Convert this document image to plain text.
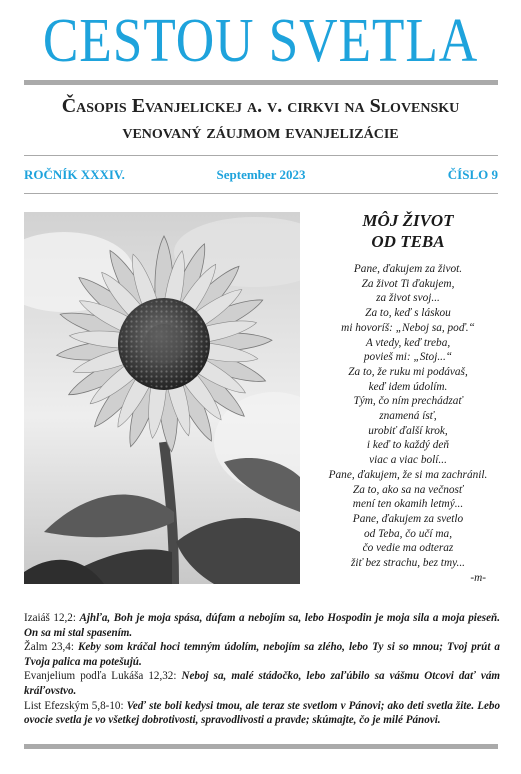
CESTOU SVETLA
Časopis Evanjelickej a. v. cirkvi na Slovensku
venovaný záujmom evanjelizácie
September 2023
ROČNÍK XXXIV.	ČÍSLO 9
MÔJ ŽIVOT
OD TEBA
Pane, ďakujem za život.
Za život Ti ďakujem,
za život svoj...
Za to, keď s láskou
mi hovoríš: „Neboj sa, poď.“
A vtedy, keď treba,
povieš mi: „Stoj...“
Za to, že ruku mi podávaš,
keď idem údolím.
Tým, čo ním prechádzať
znamená ísť,
urobiť ďalší krok,
i keď to každý deň
viac a viac bolí...
Pane, ďakujem, že si ma zachránil.
Za to, ako sa na večnosť
mení ten okamih letmý...
Pane, ďakujem za svetlo
od Teba, čo učí ma,
čo vedie ma odteraz
žiť bez strachu, bez tmy...
-m-

Izaiáš 12,2: Ajhľa, Boh je moja spása, dúfam a nebojím sa, lebo Hospodin je moja sila a moja pieseň. On sa mi stal spasením.

Žalm 23,4: Keby som kráčal hoci temným údolím, nebojím sa zlého, lebo Ty si so mnou; Tvoj prút a Tvoja palica ma potešujú.

Evanjelium podľa Lukáša 12,32: Neboj sa, malé stádočko, lebo zaľúbilo sa vášmu Otcovi dať vám kráľovstvo.

List Efezským 5,8-10: Veď ste boli kedysi tmou, ale teraz ste svetlom v Pánovi; ako deti svetla žite. Lebo ovocie svetla je vo všetkej dobrotivosti, spravodlivosti a pravde; skúmajte, čo je milé Pánovi.
